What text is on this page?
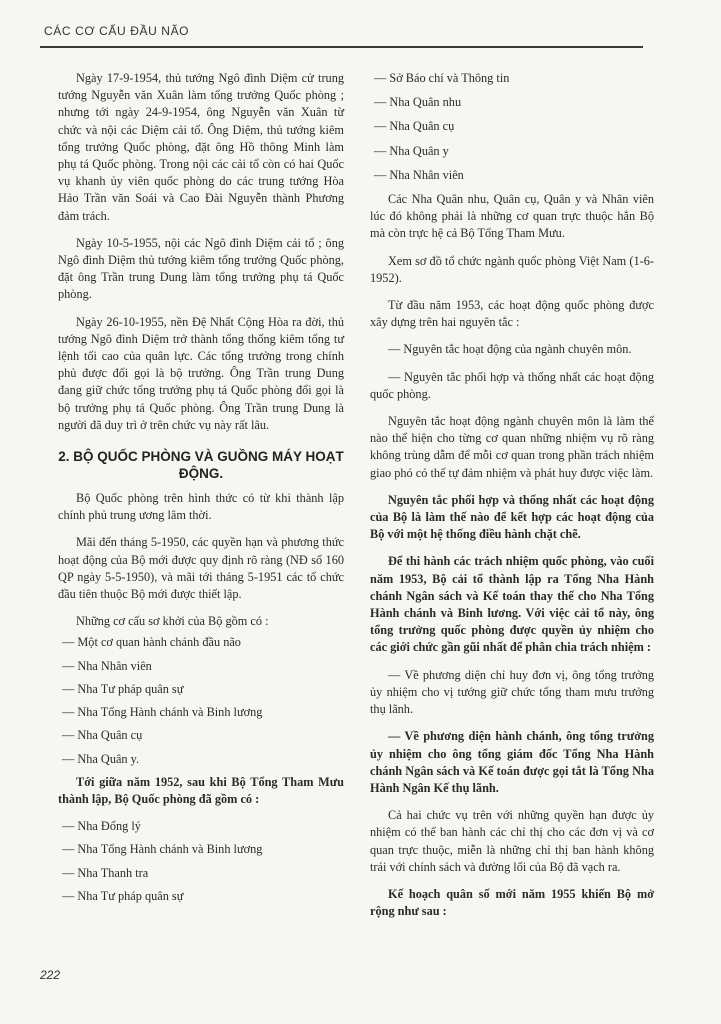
CÁC CƠ CẤU ĐẦU NÃO

Ngày 17-9-1954, thủ tướng Ngô đình Diệm cử trung tướng Nguyễn văn Xuân làm tổng trưởng Quốc phòng ; nhưng tới ngày 24-9-1954, ông Nguyễn văn Xuân từ chức và nội các Diệm cải tổ. Ông Diệm, thủ tướng kiêm tổng trưởng Quốc phòng, đặt ông Hồ thông Minh làm phụ tá Quốc phòng. Trong nội các cải tổ còn có hai Quốc vụ khanh ủy viên quốc phòng do các trung tướng Hòa Hảo Trần văn Soái và Cao Đài Nguyễn thành Phương đảm trách.

Ngày 10-5-1955, nội các Ngô đình Diệm cải tổ ; ông Ngô đình Diệm thủ tướng kiêm tổng trưởng Quốc phòng, đặt ông Trần trung Dung làm tổng trưởng phụ tá Quốc phòng.

Ngày 26-10-1955, nền Đệ Nhất Cộng Hòa ra đời, thủ tướng Ngô đình Diệm trở thành tổng thống kiêm tổng tư lệnh tối cao của quân lực. Các tổng trưởng trong chính phủ được đổi gọi là bộ trưởng. Ông Trần trung Dung đang giữ chức tổng trưởng phụ tá Quốc phòng đổi gọi là bộ trưởng phụ tá Quốc phòng. Ông Trần trung Dung là người đã duy trì ở trên chức vụ này rất lâu.

2. BỘ QUỐC PHÒNG VÀ GUỒNG MÁY HOẠT ĐỘNG.

Bộ Quốc phòng trên hình thức có từ khi thành lập chính phủ trung ương lâm thời.

Mãi đến tháng 5-1950, các quyền hạn và phương thức hoạt động của Bộ mới được quy định rõ ràng (NĐ số 160 QP ngày 5-5-1950), và mãi tới tháng 5-1951 các tổ chức đầu tiên thuộc Bộ mới được thiết lập.

Những cơ cấu sơ khởi của Bộ gồm có :

— Một cơ quan hành chánh đầu não
— Nha Nhân viên
— Nha Tư pháp quân sự
— Nha Tổng Hành chánh và Binh lương
— Nha Quân cụ
— Nha Quân y.

Tới giữa năm 1952, sau khi Bộ Tổng Tham Mưu thành lập, Bộ Quốc phòng đã gồm có :

— Nha Đổng lý
— Nha Tổng Hành chánh và Binh lương
— Nha Thanh tra
— Nha Tư pháp quân sự
— Sở Báo chí và Thông tin
— Nha Quân nhu
— Nha Quân cụ
— Nha Quân y
— Nha Nhân viên

Các Nha Quân nhu, Quân cụ, Quân y và Nhân viên lúc đó không phải là những cơ quan trực thuộc hẳn Bộ mà còn trực hệ cả Bộ Tổng Tham Mưu.

Xem sơ đồ tổ chức ngành quốc phòng Việt Nam (1-6-1952).

Từ đầu năm 1953, các hoạt động quốc phòng được xây dựng trên hai nguyên tắc :

— Nguyên tắc hoạt động của ngành chuyên môn.

— Nguyên tắc phối hợp và thống nhất các hoạt động quốc phòng.

Nguyên tắc hoạt động ngành chuyên môn là làm thế nào thể hiện cho từng cơ quan những nhiệm vụ rõ ràng không trùng dẫm để mỗi cơ quan trong phần trách nhiệm giao phó có thể tự đảm nhiệm và phát huy được việc làm.

Nguyên tắc phối hợp và thống nhất các hoạt động của Bộ là làm thế nào để kết hợp các hoạt động của Bộ với một hệ thống điều hành chặt chẽ.

Để thi hành các trách nhiệm quốc phòng, vào cuối năm 1953, Bộ cải tổ thành lập ra Tổng Nha Hành chánh Ngân sách và Kế toán thay thế cho Nha Tổng Hành chánh và Binh lương. Với việc cải tổ này, ông tổng trưởng quốc phòng được quyền ủy nhiệm cho các giới chức gần gũi nhất để phân chia trách nhiệm :

— Về phương diện chỉ huy đơn vị, ông tổng trưởng ủy nhiệm cho vị tướng giữ chức tổng tham mưu trưởng thụ lãnh.

— Về phương diện hành chánh, ông tổng trưởng ủy nhiệm cho ông tổng giám đốc Tổng Nha Hành chánh Ngân sách và Kế toán được gọi tắt là Tổng Nha Hành Ngân Kế thụ lãnh.

Cả hai chức vụ trên với những quyền hạn được ủy nhiệm có thể ban hành các chỉ thị cho các đơn vị và cơ quan trực thuộc, miễn là những chỉ thị ban hành không trái với chính sách và đường lối của Bộ đã vạch ra.

Kế hoạch quân số mới năm 1955 khiến Bộ mở rộng như sau :

222
